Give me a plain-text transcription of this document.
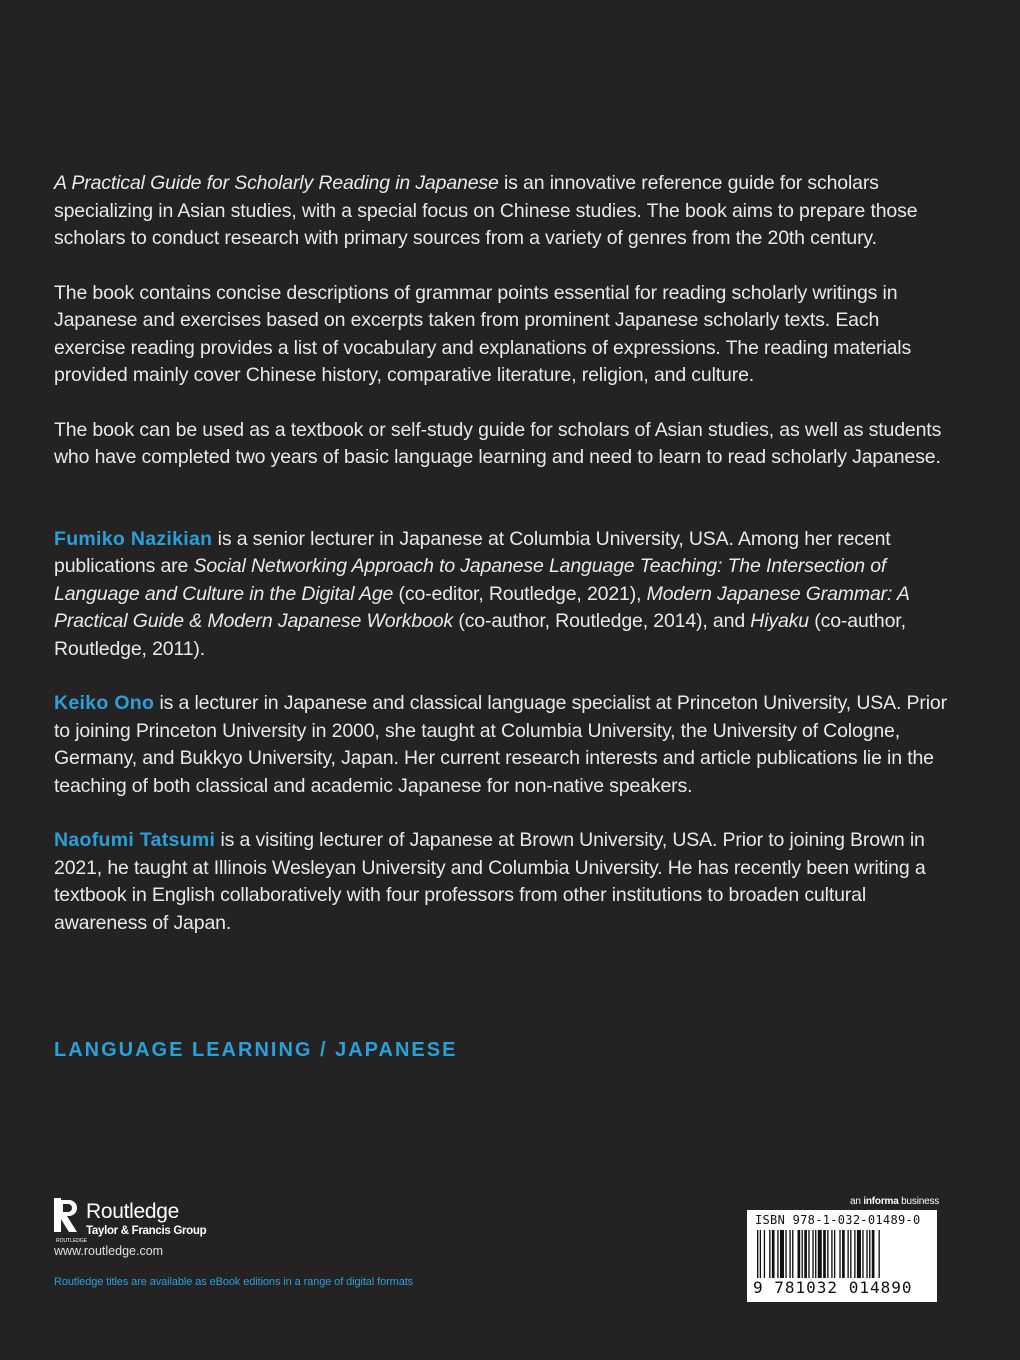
A Practical Guide for Scholarly Reading in Japanese is an innovative reference guide for scholars specializing in Asian studies, with a special focus on Chinese studies. The book aims to prepare those scholars to conduct research with primary sources from a variety of genres from the 20th century.

The book contains concise descriptions of grammar points essential for reading scholarly writings in Japanese and exercises based on excerpts taken from prominent Japanese scholarly texts. Each exercise reading provides a list of vocabulary and explanations of expressions. The reading materials provided mainly cover Chinese history, comparative literature, religion, and culture.

The book can be used as a textbook or self-study guide for scholars of Asian studies, as well as students who have completed two years of basic language learning and need to learn to read scholarly Japanese.

Fumiko Nazikian is a senior lecturer in Japanese at Columbia University, USA. Among her recent publications are Social Networking Approach to Japanese Language Teaching: The Intersection of Language and Culture in the Digital Age (co-editor, Routledge, 2021), Modern Japanese Grammar: A Practical Guide & Modern Japanese Workbook (co-author, Routledge, 2014), and Hiyaku (co-author, Routledge, 2011).

Keiko Ono is a lecturer in Japanese and classical language specialist at Princeton University, USA. Prior to joining Princeton University in 2000, she taught at Columbia University, the University of Cologne, Germany, and Bukkyo University, Japan. Her current research interests and article publications lie in the teaching of both classical and academic Japanese for non-native speakers.

Naofumi Tatsumi is a visiting lecturer of Japanese at Brown University, USA. Prior to joining Brown in 2021, he taught at Illinois Wesleyan University and Columbia University. He has recently been writing a textbook in English collaboratively with four professors from other institutions to broaden cultural awareness of Japan.

LANGUAGE LEARNING / JAPANESE
ROUTLEDGE
Routledge
Taylor & Francis Group
www.routledge.com
Routledge titles are available as eBook editions in a range of digital formats
an informa business
ISBN 978-1-032-01489-0
9 781032 014890
